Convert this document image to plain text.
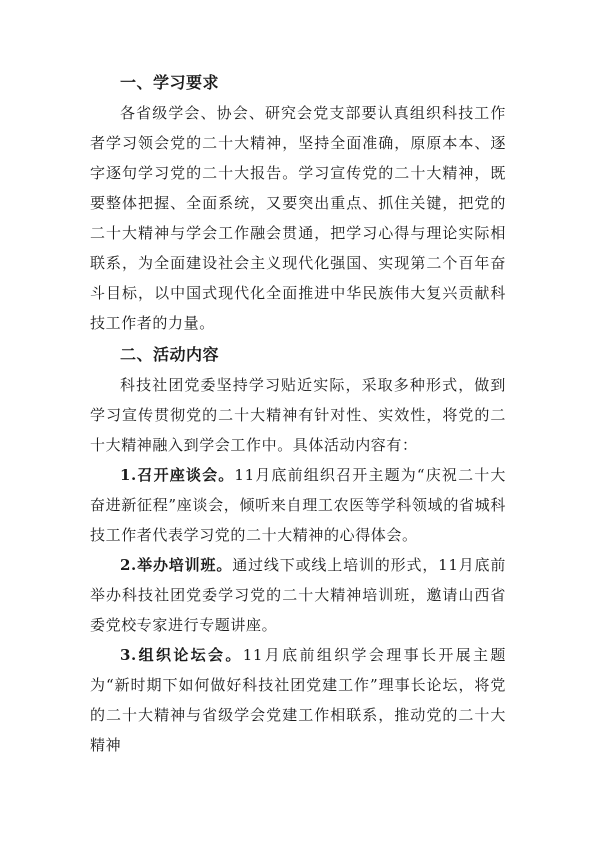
一、学习要求

各省级学会、协会、研究会党支部要认真组织科技工作者学习领会党的二十大精神，坚持全面准确，原原本本、逐字逐句学习党的二十大报告。学习宣传党的二十大精神，既要整体把握、全面系统，又要突出重点、抓住关键，把党的二十大精神与学会工作融会贯通，把学习心得与理论实际相联系，为全面建设社会主义现代化强国、实现第二个百年奋斗目标，以中国式现代化全面推进中华民族伟大复兴贡献科技工作者的力量。

二、活动内容

科技社团党委坚持学习贴近实际，采取多种形式，做到学习宣传贯彻党的二十大精神有针对性、实效性，将党的二十大精神融入到学会工作中。具体活动内容有：

1.召开座谈会。11月底前组织召开主题为“庆祝二十大奋进新征程”座谈会，倾听来自理工农医等学科领域的省城科技工作者代表学习党的二十大精神的心得体会。

2.举办培训班。通过线下或线上培训的形式，11月底前举办科技社团党委学习党的二十大精神培训班，邀请山西省委党校专家进行专题讲座。

3.组织论坛会。11月底前组织学会理事长开展主题为“新时期下如何做好科技社团党建工作”理事长论坛，将党的二十大精神与省级学会党建工作相联系，推动党的二十大精神
